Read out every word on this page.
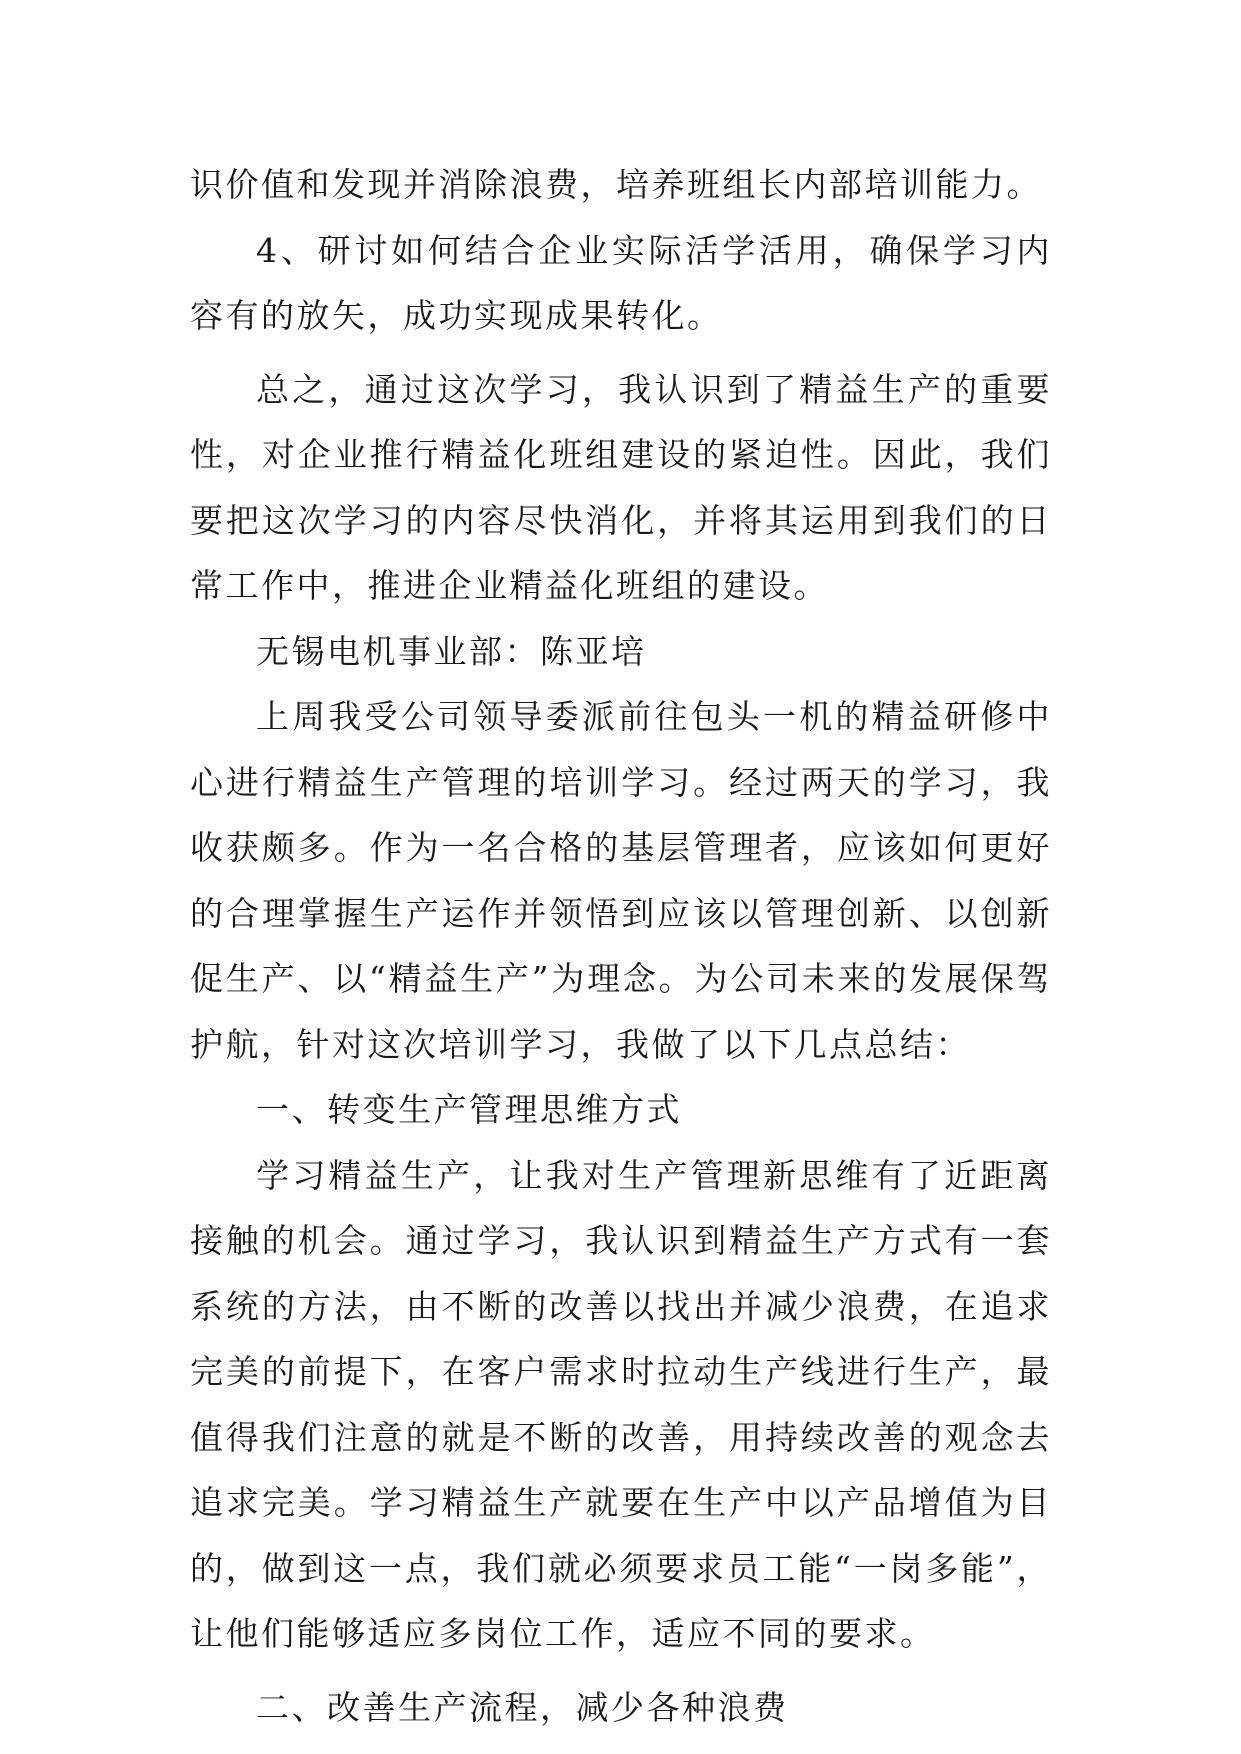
识价值和发现并消除浪费，培养班组长内部培训能力。

4、研讨如何结合企业实际活学活用，确保学习内容有的放矢，成功实现成果转化。

总之，通过这次学习，我认识到了精益生产的重要性，对企业推行精益化班组建设的紧迫性。因此，我们要把这次学习的内容尽快消化，并将其运用到我们的日常工作中，推进企业精益化班组的建设。

无锡电机事业部：陈亚培

上周我受公司领导委派前往包头一机的精益研修中心进行精益生产管理的培训学习。经过两天的学习，我收获颇多。作为一名合格的基层管理者，应该如何更好的合理掌握生产运作并领悟到应该以管理创新、以创新促生产、以“精益生产”为理念。为公司未来的发展保驾护航，针对这次培训学习，我做了以下几点总结：

一、转变生产管理思维方式

学习精益生产，让我对生产管理新思维有了近距离接触的机会。通过学习，我认识到精益生产方式有一套系统的方法，由不断的改善以找出并减少浪费，在追求完美的前提下，在客户需求时拉动生产线进行生产，最值得我们注意的就是不断的改善，用持续改善的观念去追求完美。学习精益生产就要在生产中以产品增值为目的，做到这一点，我们就必须要求员工能“一岗多能”，让他们能够适应多岗位工作，适应不同的要求。

二、改善生产流程，减少各种浪费
